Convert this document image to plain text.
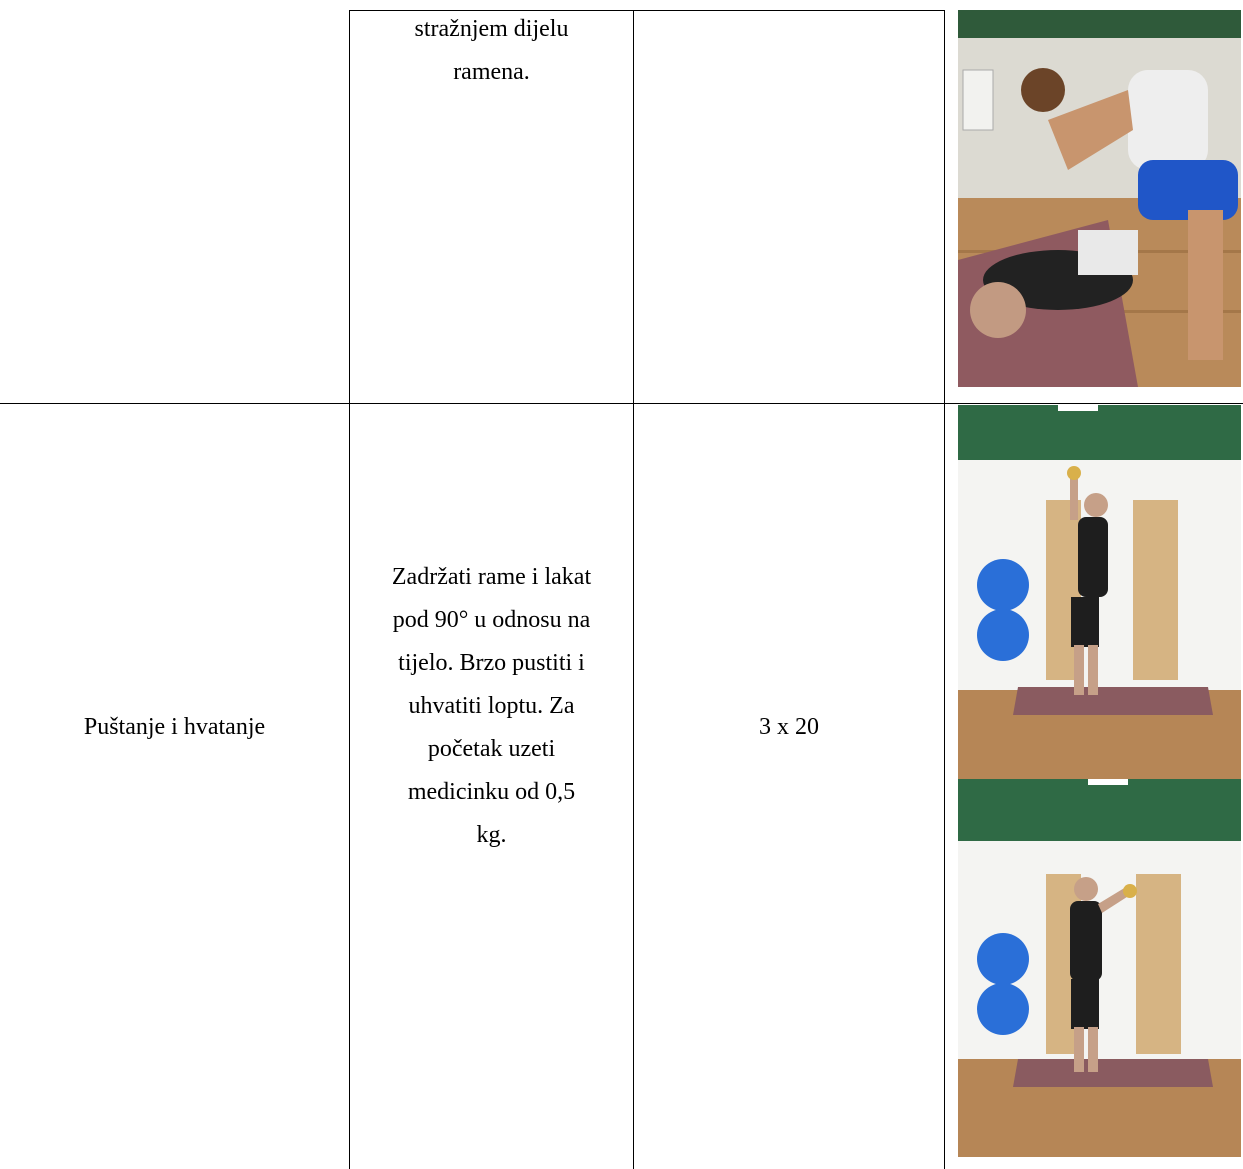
stražnjem dijelu
ramena.
Puštanje i hvatanje
Zadržati rame i lakat
pod 90° u odnosu na
tijelo. Brzo pustiti i
uhvatiti loptu. Za
početak uzeti
medicinku od 0,5
kg.
3 x 20
